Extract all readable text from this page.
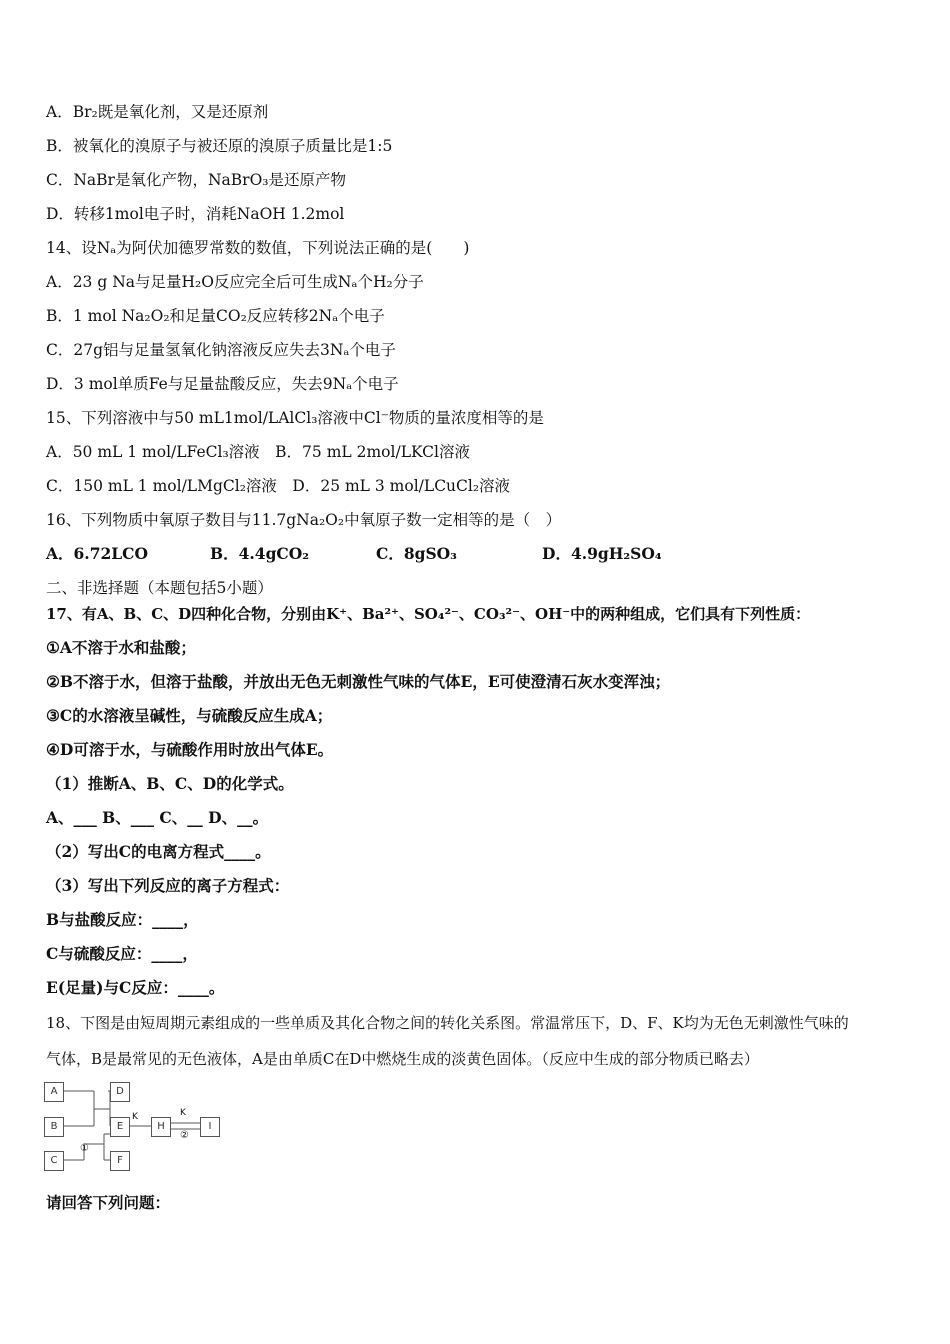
A．Br₂既是氧化剂，又是还原剂
B．被氧化的溴原子与被还原的溴原子质量比是1:5
C．NaBr是氧化产物，NaBrO₃是还原产物
D．转移1mol电子时，消耗NaOH 1.2mol
14、设Nₐ为阿伏加德罗常数的数值，下列说法正确的是(　　)
A．23 g Na与足量H₂O反应完全后可生成Nₐ个H₂分子
B．1 mol Na₂O₂和足量CO₂反应转移2Nₐ个电子
C．27g铝与足量氢氧化钠溶液反应失去3Nₐ个电子
D．3 mol单质Fe与足量盐酸反应，失去9Nₐ个电子
15、下列溶液中与50 mL1mol/LAlCl₃溶液中Cl⁻物质的量浓度相等的是
A．50 mL 1 mol/LFeCl₃溶液　B．75 mL 2mol/LKCl溶液
C．150 mL 1 mol/LMgCl₂溶液　D．25 mL 3 mol/LCuCl₂溶液
16、下列物质中氧原子数目与11.7gNa₂O₂中氧原子数一定相等的是（　）
A．6.72LCO	B．4.4gCO₂	C．8gSO₃	D．4.9gH₂SO₄
二、非选择题（本题包括5小题）
17、有A、B、C、D四种化合物，分别由K⁺、Ba²⁺、SO₄²⁻、CO₃²⁻、OH⁻中的两种组成，它们具有下列性质：
①A不溶于水和盐酸；
②B不溶于水，但溶于盐酸，并放出无色无刺激性气味的气体E，E可使澄清石灰水变浑浊；
③C的水溶液呈碱性，与硫酸反应生成A；
④D可溶于水，与硫酸作用时放出气体E。
（1）推断A、B、C、D的化学式。
A、___ B、___ C、__ D、__。
（2）写出C的电离方程式____。
（3）写出下列反应的离子方程式：
B与盐酸反应：____，
C与硫酸反应：____，
E(足量)与C反应：____。
18、下图是由短周期元素组成的一些单质及其化合物之间的转化关系图。常温常压下，D、F、K均为无色无刺激性气味的
气体，B是最常见的无色液体，A是由单质C在D中燃烧生成的淡黄色固体。（反应中生成的部分物质已略去）
A
B
C
D
E
F
H	I
K	K
①
②
请回答下列问题：
